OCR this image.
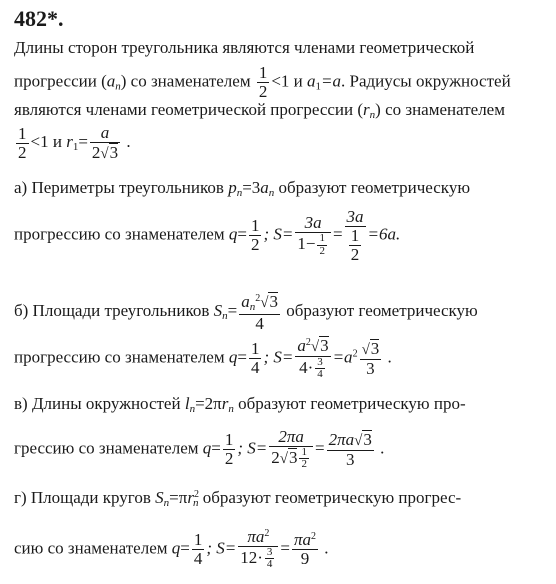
482*.
Длины сторон треугольника являются членами геометрической
прогрессии $(a_n)$ со знаменателем $\frac{1}{2} <1$ и $a_1=a$. Радиусы окружностей
являются членами геометрической прогрессии $(r_n)$ со знаменателем
$\frac{1}{2} <1$ и $r_1= \frac{a}{2√3}$ .
а) Периметры треугольников $p_n=3a_n$ образуют геометрическую
прогрессию со знаменателем $q= \frac{1}{2}$ ; $S= \frac{3a}{1- \frac{1}{2}} = \frac{3a}{\frac{1}{2}} =6a$.
б) Площади треугольников $S_n= \frac{a_n^2√3}{4}$ образуют геометрическую
прогрессию со знаменателем $q= \frac{1}{4}$ ; $S= \frac{a^2√3}{4\cdot \frac{3}{4}} =a^2 \frac{√3}{3}$ .
в) Длины окружностей $l_n=2\pi r_n$ образуют геометрическую про-
грессию со знаменателем $q= \frac{1}{2}$ ; $S= \frac{2\pi a}{2√3 \frac{1}{2}} = \frac{2\pi a√3}{3}$ .
г) Площади кругов $S_n=\pi r^2_n$ образуют геометрическую прогрес-
сию со знаменателем $q= \frac{1}{4}$ ; $S= \frac{\pi a^2}{12\cdot \frac{3}{4}} = \frac{\pi a^2}{9}$ .
